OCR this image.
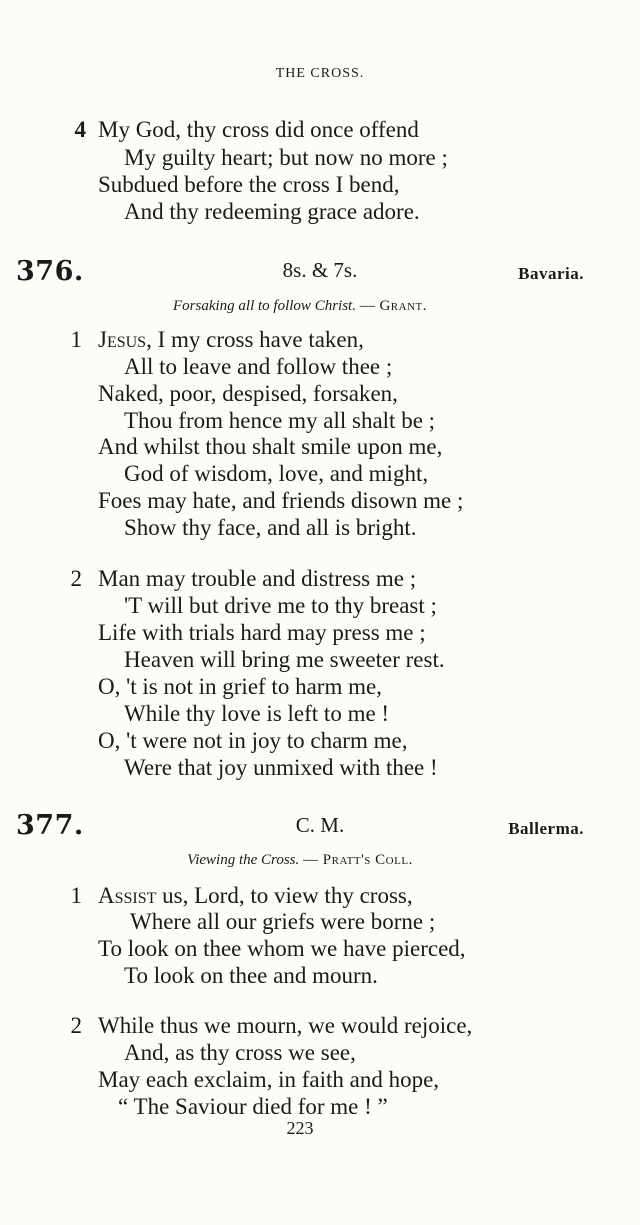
THE CROSS.
4 My God, thy cross did once offend
My guilty heart; but now no more ;
Subdued before the cross I bend,
And thy redeeming grace adore.
376.	8s. & 7s.	Bavaria.
Forsaking all to follow Christ. — Grant.
1 Jesus, I my cross have taken,
All to leave and follow thee ;
Naked, poor, despised, forsaken,
Thou from hence my all shalt be ;
And whilst thou shalt smile upon me,
God of wisdom, love, and might,
Foes may hate, and friends disown me ;
Show thy face, and all is bright.
2 Man may trouble and distress me ;
'T will but drive me to thy breast ;
Life with trials hard may press me ;
Heaven will bring me sweeter rest.
O, 't is not in grief to harm me,
While thy love is left to me !
O, 't were not in joy to charm me,
Were that joy unmixed with thee !
377.	C. M.	Ballerma.
Viewing the Cross. — Pratt's Coll.
1 Assist us, Lord, to view thy cross,
Where all our griefs were borne ;
To look on thee whom we have pierced,
To look on thee and mourn.
2 While thus we mourn, we would rejoice,
And, as thy cross we see,
May each exclaim, in faith and hope,
“ The Saviour died for me ! ”
223
